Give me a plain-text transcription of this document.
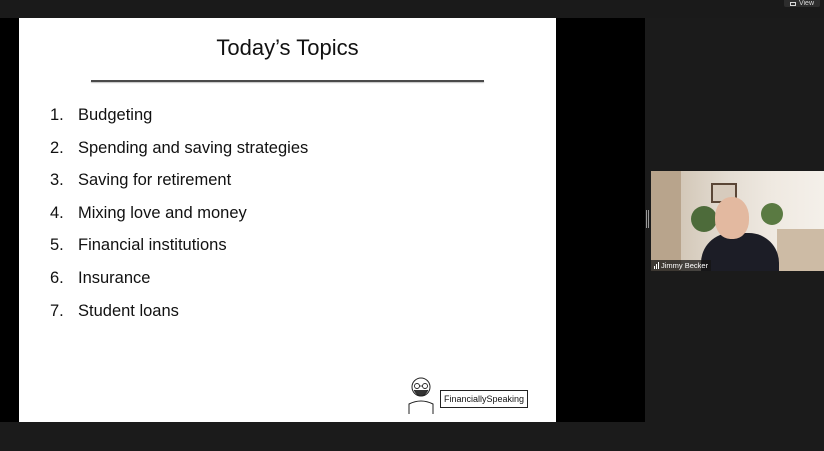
View
Today’s Topics
1. Budgeting
2. Spending and saving strategies
3. Saving for retirement
4. Mixing love and money
5. Financial institutions
6. Insurance
7. Student loans
FinanciallySpeaking
Jimmy Becker
